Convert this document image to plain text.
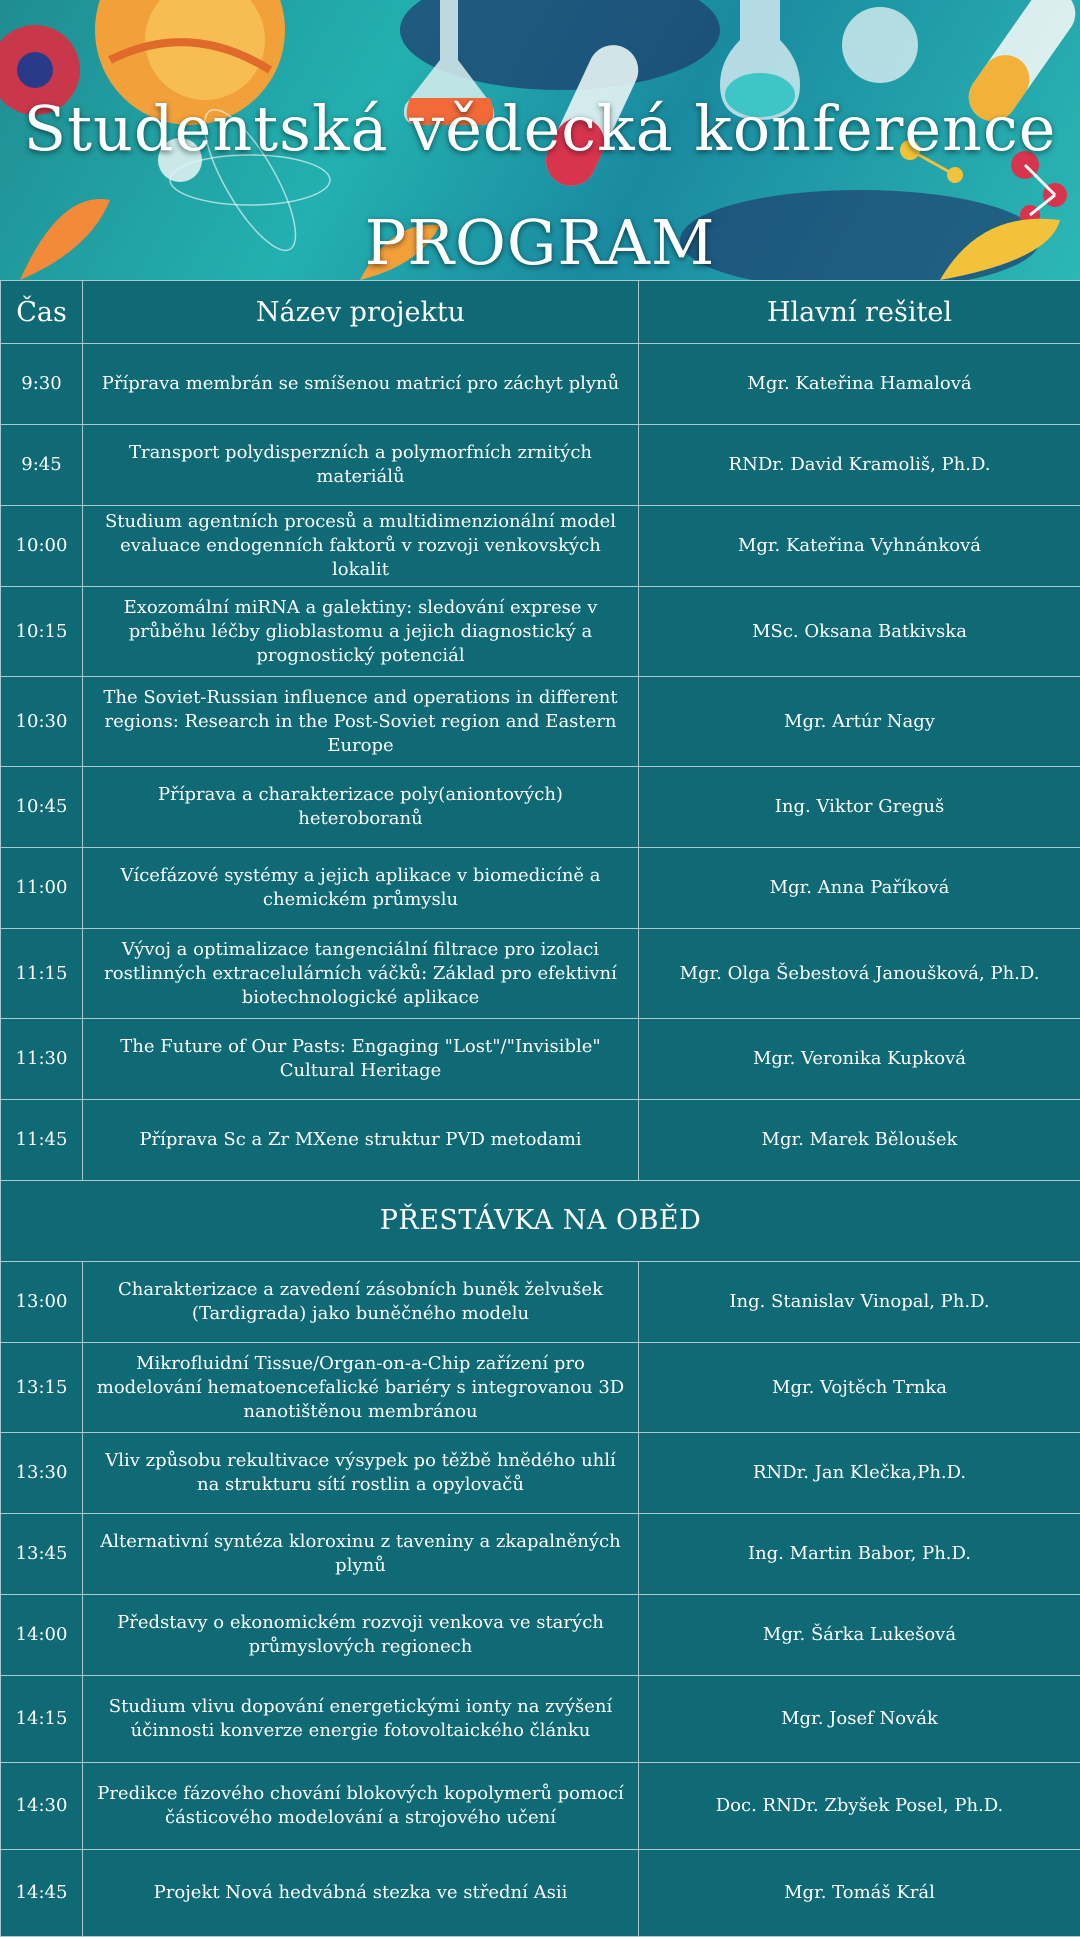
Studentská vědecká konference
PROGRAM
Čas	Název projektu	Hlavní rešitel
9:30	Příprava membrán se smíšenou matricí pro záchyt plynů	Mgr. Kateřina Hamalová
9:45	Transport polydisperzních a polymorfních zrnitých materiálů	RNDr. David Kramoliš, Ph.D.
10:00	Studium agentních procesů a multidimenzionální model evaluace endogenních faktorů v rozvoji venkovských lokalit	Mgr. Kateřina Vyhnánková
10:15	Exozomální miRNA a galektiny: sledování exprese v průběhu léčby glioblastomu a jejich diagnostický a prognostický potenciál	MSc. Oksana Batkivska
10:30	The Soviet-Russian influence and operations in different regions: Research in the Post-Soviet region and Eastern Europe	Mgr. Artúr Nagy
10:45	Příprava a charakterizace poly(aniontových) heteroboranů	Ing. Viktor Greguš
11:00	Vícefázové systémy a jejich aplikace v biomedicíně a chemickém průmyslu	Mgr. Anna Paříková
11:15	Vývoj a optimalizace tangenciální filtrace pro izolaci rostlinných extracelulárních váčků: Základ pro efektivní biotechnologické aplikace	Mgr. Olga Šebestová Janoušková, Ph.D.
11:30	The Future of Our Pasts: Engaging "Lost"/"Invisible" Cultural Heritage	Mgr. Veronika Kupková
11:45	Příprava Sc a Zr MXene struktur PVD metodami	Mgr. Marek Běloušek
PŘESTÁVKA NA OBĚD		
13:00	Charakterizace a zavedení zásobních buněk želvušek (Tardigrada) jako buněčného modelu	Ing. Stanislav Vinopal, Ph.D.
13:15	Mikrofluidní Tissue/Organ-on-a-Chip zařízení pro modelování hematoencefalické bariéry s integrovanou 3D nanotištěnou membránou	Mgr. Vojtěch Trnka
13:30	Vliv způsobu rekultivace výsypek po těžbě hnědého uhlí na strukturu sítí rostlin a opylovačů	RNDr. Jan Klečka,Ph.D.
13:45	Alternativní syntéza kloroxinu z taveniny a zkapalněných plynů	Ing. Martin Babor, Ph.D.
14:00	Představy o ekonomickém rozvoji venkova ve starých průmyslových regionech	Mgr. Šárka Lukešová
14:15	Studium vlivu dopování energetickými ionty na zvýšení účinnosti konverze energie fotovoltaického článku	Mgr. Josef Novák
14:30	Predikce fázového chování blokových kopolymerů pomocí částicového modelování a strojového učení	Doc. RNDr. Zbyšek Posel, Ph.D.
14:45	Projekt Nová hedvábná stezka ve střední Asii	Mgr. Tomáš Král
